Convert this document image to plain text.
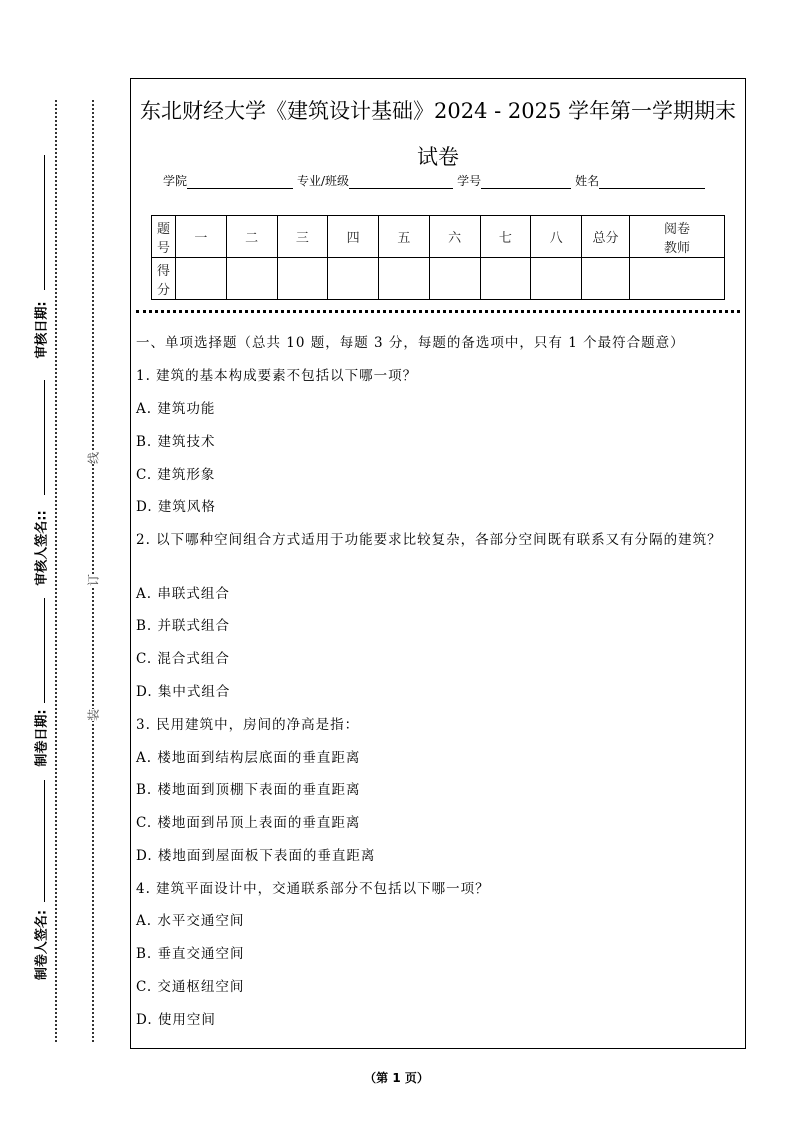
审核日期:
审核人签名::
制卷日期:
制卷人签名:
线
订
装
东北财经大学《建筑设计基础》2024 - 2025 学年第一学期期末试卷
学院	专业/班级	学号	姓名
题号	一	二	三	四	五	六	七	八	总分	阅卷教师
得分										
一、单项选择题（总共 10 题，每题 3 分，每题的备选项中，只有 1 个最符合题意）
1. 建筑的基本构成要素不包括以下哪一项？
A. 建筑功能
B. 建筑技术
C. 建筑形象
D. 建筑风格
2. 以下哪种空间组合方式适用于功能要求比较复杂，各部分空间既有联系又有分隔的建筑？
A. 串联式组合
B. 并联式组合
C. 混合式组合
D. 集中式组合
3. 民用建筑中，房间的净高是指：
A. 楼地面到结构层底面的垂直距离
B. 楼地面到顶棚下表面的垂直距离
C. 楼地面到吊顶上表面的垂直距离
D. 楼地面到屋面板下表面的垂直距离
4. 建筑平面设计中，交通联系部分不包括以下哪一项？
A. 水平交通空间
B. 垂直交通空间
C. 交通枢纽空间
D. 使用空间
（第 1 页）
